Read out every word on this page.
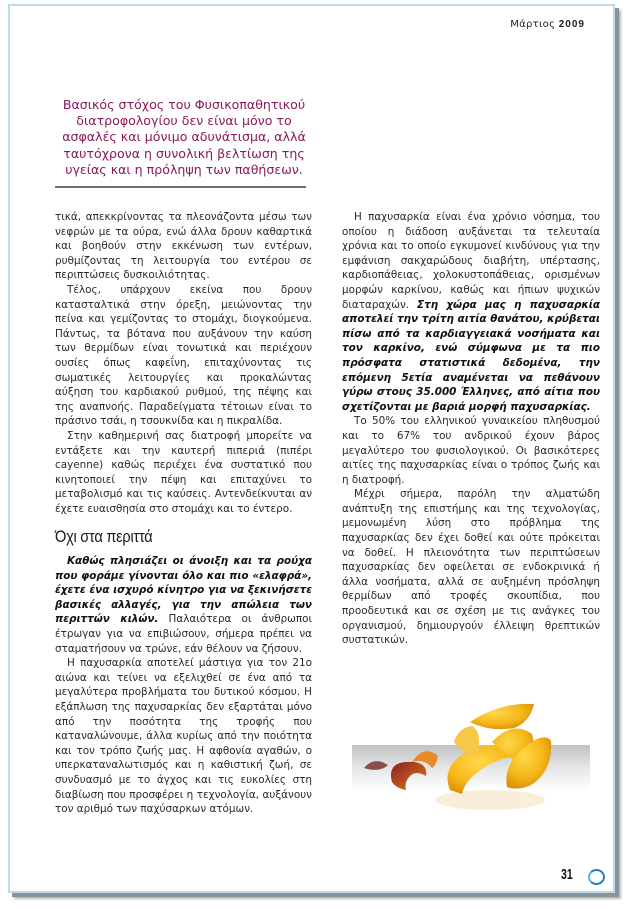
Μάρτιος 2009
Βασικός στόχος του Φυσικοπαθητικού διατροφολογίου δεν είναι μόνο το ασφαλές και μόνιμο αδυνάτισμα, αλλά ταυτόχρονα η συνολική βελτίωση της υγείας και η πρόληψη των παθήσεων.

τικά, απεκκρίνοντας τα πλεονάζοντα μέσω των νεφρών με τα ούρα, ενώ άλλα δρουν καθαρτικά και βοηθούν στην εκκένωση των εντέρων, ρυθμίζοντας τη λειτουργία του εντέρου σε περιπτώσεις δυσκοιλιότητας.

Τέλος, υπάρχουν εκείνα που δρουν κατασταλτικά στην όρεξη, μειώνοντας την πείνα και γεμίζοντας το στομάχι, διογκούμενα. Πάντως, τα βότανα που αυξάνουν την καύση των θερμίδων είναι τονωτικά και περιέχουν ουσίες όπως καφεΐνη, επιταχύνοντας τις σωματικές λειτουργίες και προκαλώντας αύξηση του καρδιακού ρυθμού, της πέψης και της αναπνοής. Παραδείγματα τέτοιων είναι το πράσινο τσάι, η τσουκνίδα και η πικραλίδα.

Στην καθημερινή σας διατροφή μπορείτε να εντάξετε και την καυτερή πιπεριά (πιπέρι cayenne) καθώς περιέχει ένα συστατικό που κινητοποιεί την πέψη και επιταχύνει το μεταβολισμό και τις καύσεις. Αντενδείκνυται αν έχετε ευαισθησία στο στομάχι και το έντερο.

Όχι στα περιττά

Καθώς πλησιάζει οι άνοιξη και τα ρούχα που φοράμε γίνονται όλο και πιο «ελαφρά», έχετε ένα ισχυρό κίνητρο για να ξεκινήσετε βασικές αλλαγές, για την απώλεια των περιττών κιλών. Παλαιότερα οι άνθρωποι έτρωγαν για να επιβιώσουν, σήμερα πρέπει να σταματήσουν να τρώνε, εάν θέλουν να ζήσουν.

Η παχυσαρκία αποτελεί μάστιγα για τον 21ο αιώνα και τείνει να εξελιχθεί σε ένα από τα μεγαλύτερα προβλήματα του δυτικού κόσμου. Η εξάπλωση της παχυσαρκίας δεν εξαρτάται μόνο από την ποσότητα της τροφής που καταναλώνουμε, άλλα κυρίως από την ποιότητα και τον τρόπο ζωής μας. Η αφθονία αγαθών, ο υπερκαταναλωτισμός και η καθιστική ζωή, σε συνδυασμό με το άγχος και τις ευκολίες στη διαβίωση που προσφέρει η τεχνολογία, αυξάνουν τον αριθμό των παχύσαρκων ατόμων.

Η παχυσαρκία είναι ένα χρόνιο νόσημα, του οποίου η διάδοση αυξάνεται τα τελευταία χρόνια και το οποίο εγκυμονεί κινδύνους για την εμφάνιση σακχαρώδους διαβήτη, υπέρτασης, καρδιοπάθειας, χολοκυστοπάθειας, ορισμένων μορφών καρκίνου, καθώς και ήπιων ψυχικών διαταραχών. Στη χώρα μας η παχυσαρκία αποτελεί την τρίτη αιτία θανάτου, κρύβεται πίσω από τα καρδιαγγειακά νοσήματα και τον καρκίνο, ενώ σύμφωνα με τα πιο πρόσφατα στατιστικά δεδομένα, την επόμενη 5ετία αναμένεται να πεθάνουν γύρω στους 35.000 Έλληνες, από αίτια που σχετίζονται με βαριά μορφή παχυσαρκίας.

Το 50% του ελληνικού γυναικείου πληθυσμού και το 67% του ανδρικού έχουν βάρος μεγαλύτερο του φυσιολογικού. Οι βασικότερες αιτίες της παχυσαρκίας είναι ο τρόπος ζωής και η διατροφή.

Μέχρι σήμερα, παρόλη την αλματώδη ανάπτυξη της επιστήμης και της τεχνολογίας, μεμονωμένη λύση στο πρόβλημα της παχυσαρκίας δεν έχει δοθεί και ούτε πρόκειται να δοθεί. Η πλειονότητα των περιπτώσεων παχυσαρκίας δεν οφείλεται σε ενδοκρινικά ή άλλα νοσήματα, αλλά σε αυξημένη πρόσληψη θερμίδων από τροφές σκουπίδια, που προοδευτικά και σε σχέση με τις ανάγκες του οργανισμού, δημιουργούν έλλειψη θρεπτικών συστατικών.

31
